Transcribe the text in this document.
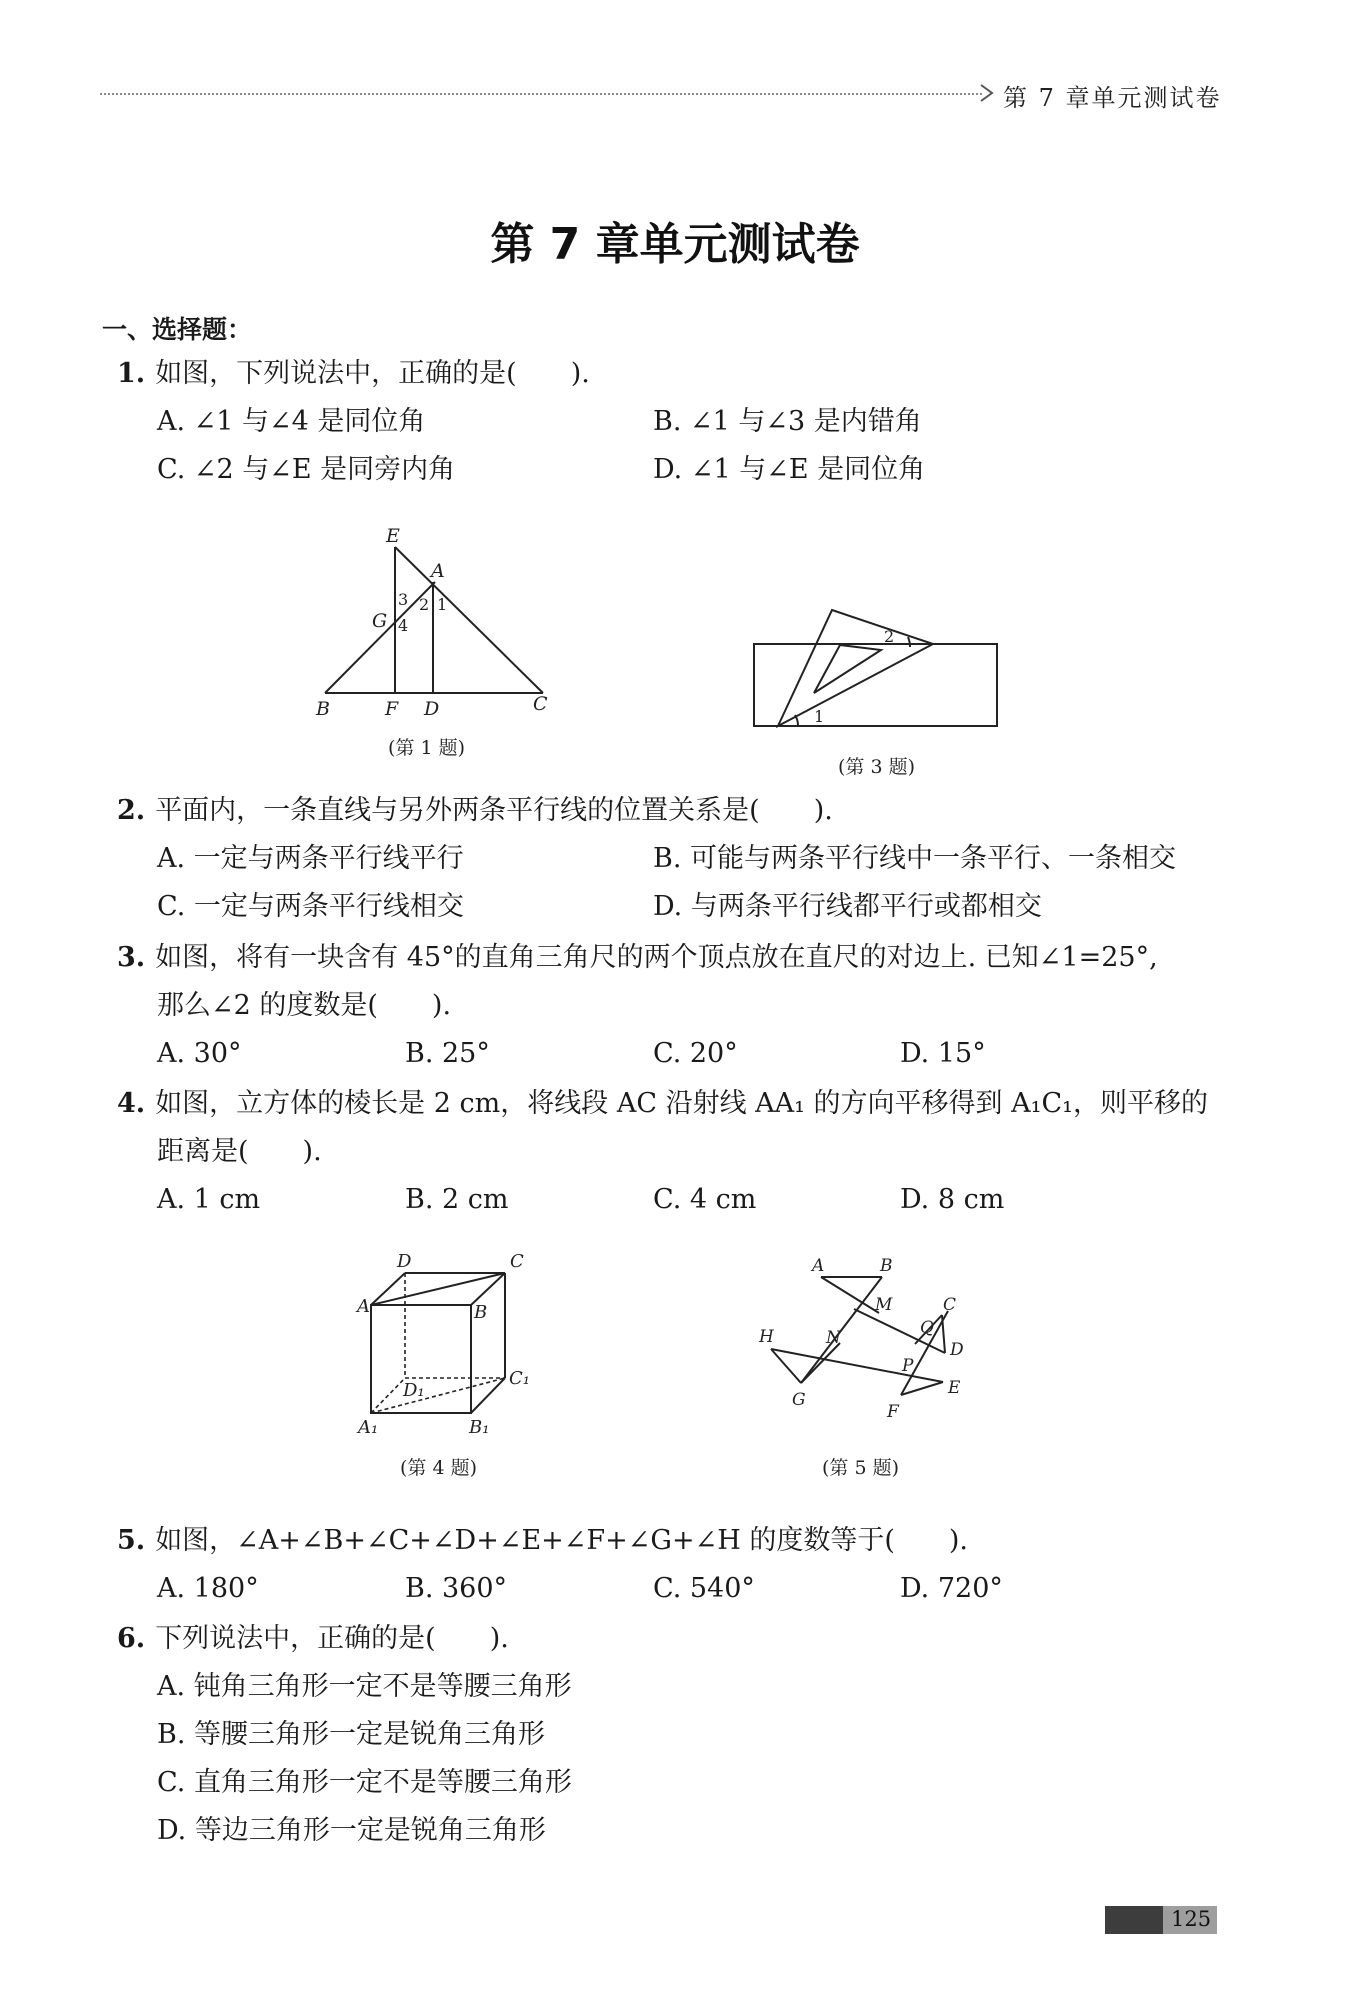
第 7 章单元测试卷
第 7 章单元测试卷
一、选择题：
1. 如图，下列说法中，正确的是(　　).
A. ∠1 与∠4 是同位角	B. ∠1 与∠3 是内错角
C. ∠2 与∠E 是同旁内角	D. ∠1 与∠E 是同位角
E
A
G
B	F D	C
1
2
3
4
(第 1 题)
1
2
(第 3 题)
2. 平面内，一条直线与另外两条平行线的位置关系是(　　).
A. 一定与两条平行线平行	B. 可能与两条平行线中一条平行、一条相交
C. 一定与两条平行线相交	D. 与两条平行线都平行或都相交
3. 如图，将有一块含有 45°的直角三角尺的两个顶点放在直尺的对边上. 已知∠1=25°,
那么∠2 的度数是(　　).
A. 30°	B. 25°	C. 20°	D. 15°
4. 如图，立方体的棱长是 2 cm，将线段 AC 沿射线 AA₁ 的方向平移得到 A₁C₁，则平移的
距离是(　　).
A. 1 cm	B. 2 cm	C. 4 cm	D. 8 cm
D	C
A	B
D₁
C₁
A₁	B₁
(第 4 题)
A	B
M	C
Q
D
H	N
P
E
G
F
(第 5 题)
5. 如图，∠A+∠B+∠C+∠D+∠E+∠F+∠G+∠H 的度数等于(　　).
A. 180°	B. 360°	C. 540°	D. 720°
6. 下列说法中，正确的是(　　).
A. 钝角三角形一定不是等腰三角形
B. 等腰三角形一定是锐角三角形
C. 直角三角形一定不是等腰三角形
D. 等边三角形一定是锐角三角形
125
